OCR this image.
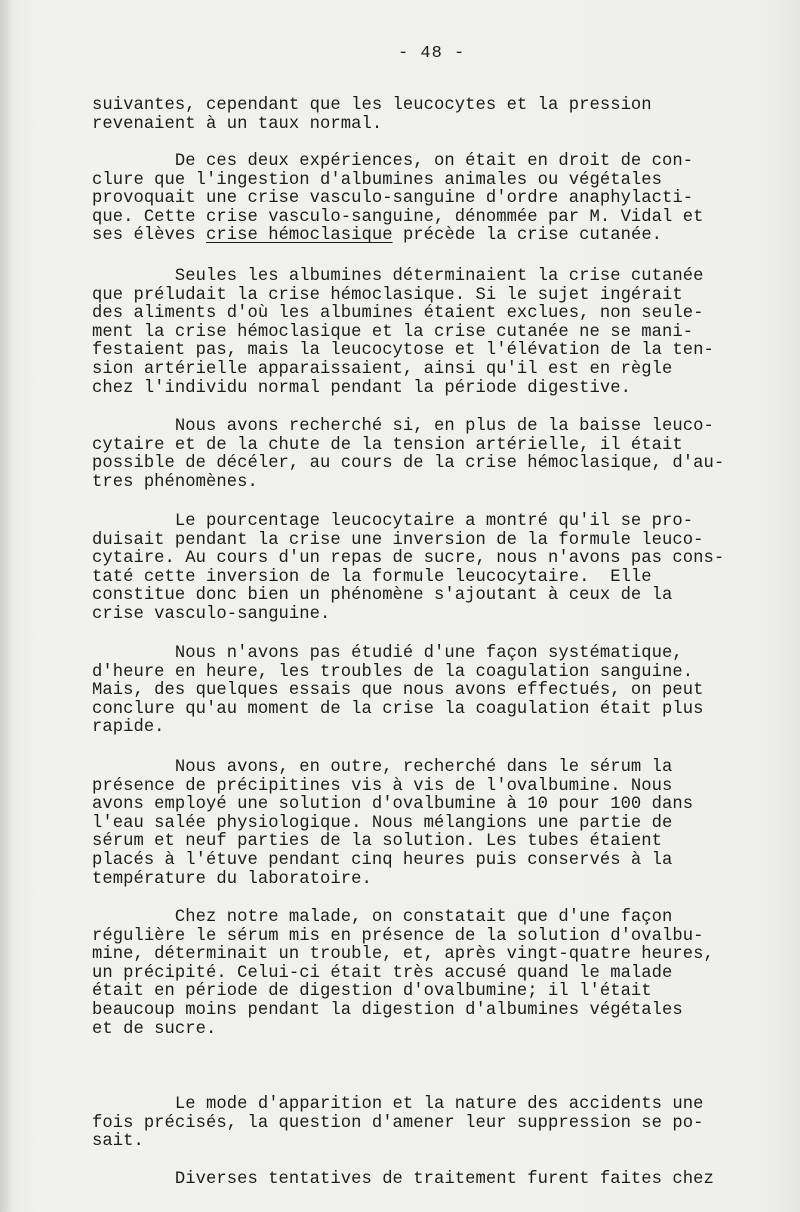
- 48 -
suivantes, cependant que les leucocytes et la pression
revenaient à un taux normal.
De ces deux expériences, on était en droit de con-
clure que l'ingestion d'albumines animales ou végétales
provoquait une crise vasculo-sanguine d'ordre anaphylacti-
que. Cette crise vasculo-sanguine, dénommée par M. Vidal et
ses élèves crise hémoclasique précède la crise cutanée.
Seules les albumines déterminaient la crise cutanée
que préludait la crise hémoclasique. Si le sujet ingérait
des aliments d'où les albumines étaient exclues, non seule-
ment la crise hémoclasique et la crise cutanée ne se mani-
festaient pas, mais la leucocytose et l'élévation de la ten-
sion artérielle apparaissaient, ainsi qu'il est en règle
chez l'individu normal pendant la période digestive.
Nous avons recherché si, en plus de la baisse leuco-
cytaire et de la chute de la tension artérielle, il était
possible de décéler, au cours de la crise hémoclasique, d'au-
tres phénomènes.
Le pourcentage leucocytaire a montré qu'il se pro-
duisait pendant la crise une inversion de la formule leuco-
cytaire. Au cours d'un repas de sucre, nous n'avons pas cons-
taté cette inversion de la formule leucocytaire.  Elle
constitue donc bien un phénomène s'ajoutant à ceux de la
crise vasculo-sanguine.
Nous n'avons pas étudié d'une façon systématique,
d'heure en heure, les troubles de la coagulation sanguine.
Mais, des quelques essais que nous avons effectués, on peut
conclure qu'au moment de la crise la coagulation était plus
rapide.
Nous avons, en outre, recherché dans le sérum la
présence de précipitines vis à vis de l'ovalbumine. Nous
avons employé une solution d'ovalbumine à 10 pour 100 dans
l'eau salée physiologique. Nous mélangions une partie de
sérum et neuf parties de la solution. Les tubes étaient
placés à l'étuve pendant cinq heures puis conservés à la
température du laboratoire.
Chez notre malade, on constatait que d'une façon
régulière le sérum mis en présence de la solution d'ovalbu-
mine, déterminait un trouble, et, après vingt-quatre heures,
un précipité. Celui-ci était très accusé quand le malade
était en période de digestion d'ovalbumine; il l'était
beaucoup moins pendant la digestion d'albumines végétales
et de sucre.
Le mode d'apparition et la nature des accidents une
fois précisés, la question d'amener leur suppression se po-
sait.
Diverses tentatives de traitement furent faites chez
